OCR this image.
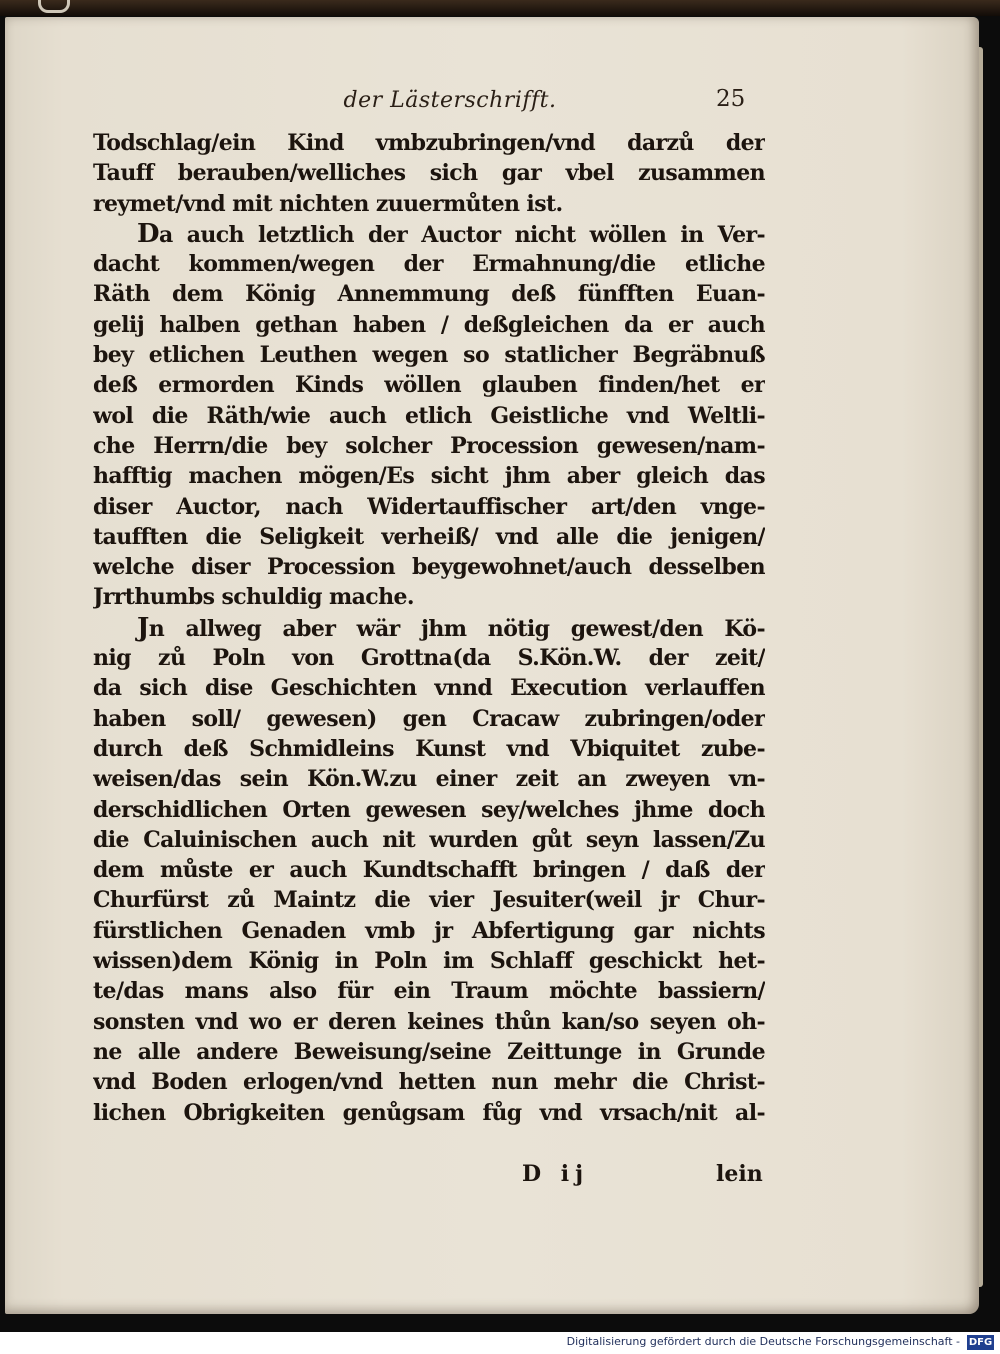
der Lästerschrifft.	25
Todschlag/ein Kind vmbzubringen/vnd darzů der
Tauff berauben/welliches sich gar vbel zusammen
reymet/vnd mit nichten zuuermůten ist.
Da auch letztlich der Auctor nicht wöllen in Ver-
dacht kommen/wegen der Ermahnung/die etliche
Räth dem König Annemmung deß fünfften Euan-
gelij halben gethan haben / deßgleichen da er auch
bey etlichen Leuthen wegen so statlicher Begräbnuß
deß ermorden Kinds wöllen glauben finden/het er
wol die Räth/wie auch etlich Geistliche vnd Weltli-
che Herrn/die bey solcher Procession gewesen/nam-
hafftig machen mögen/Es sicht jhm aber gleich das
diser Auctor, nach Widertauffischer art/den vnge-
taufften die Seligkeit verheiß/ vnd alle die jenigen/
welche diser Procession beygewohnet/auch desselben
Jrrthumbs schuldig mache.
Jn allweg aber wär jhm nötig gewest/den Kö-
nig zů Poln von Grottna(da S.Kön.W. der zeit/
da sich dise Geschichten vnnd Execution verlauffen
haben soll/ gewesen) gen Cracaw zubringen/oder
durch deß Schmidleins Kunst vnd Vbiquitet zube-
weisen/das sein Kön.W.zu einer zeit an zweyen vn-
derschidlichen Orten gewesen sey/welches jhme doch
die Caluinischen auch nit wurden gůt seyn lassen/Zu
dem můste er auch Kundtschafft bringen / daß der
Churfürst zů Maintz die vier Jesuiter(weil jr Chur-
fürstlichen Genaden vmb jr Abfertigung gar nichts
wissen)dem König in Poln im Schlaff geschickt het-
te/das mans also für ein Traum möchte bassiern/
sonsten vnd wo er deren keines thůn kan/so seyen oh-
ne alle andere Beweisung/seine Zeittunge in Grunde
vnd Boden erlogen/vnd hetten nun mehr die Christ-
lichen Obrigkeiten genůgsam fůg vnd vrsach/nit al-
D ij	lein
Digitalisierung gefördert durch die Deutsche Forschungsgemeinschaft - DFG
